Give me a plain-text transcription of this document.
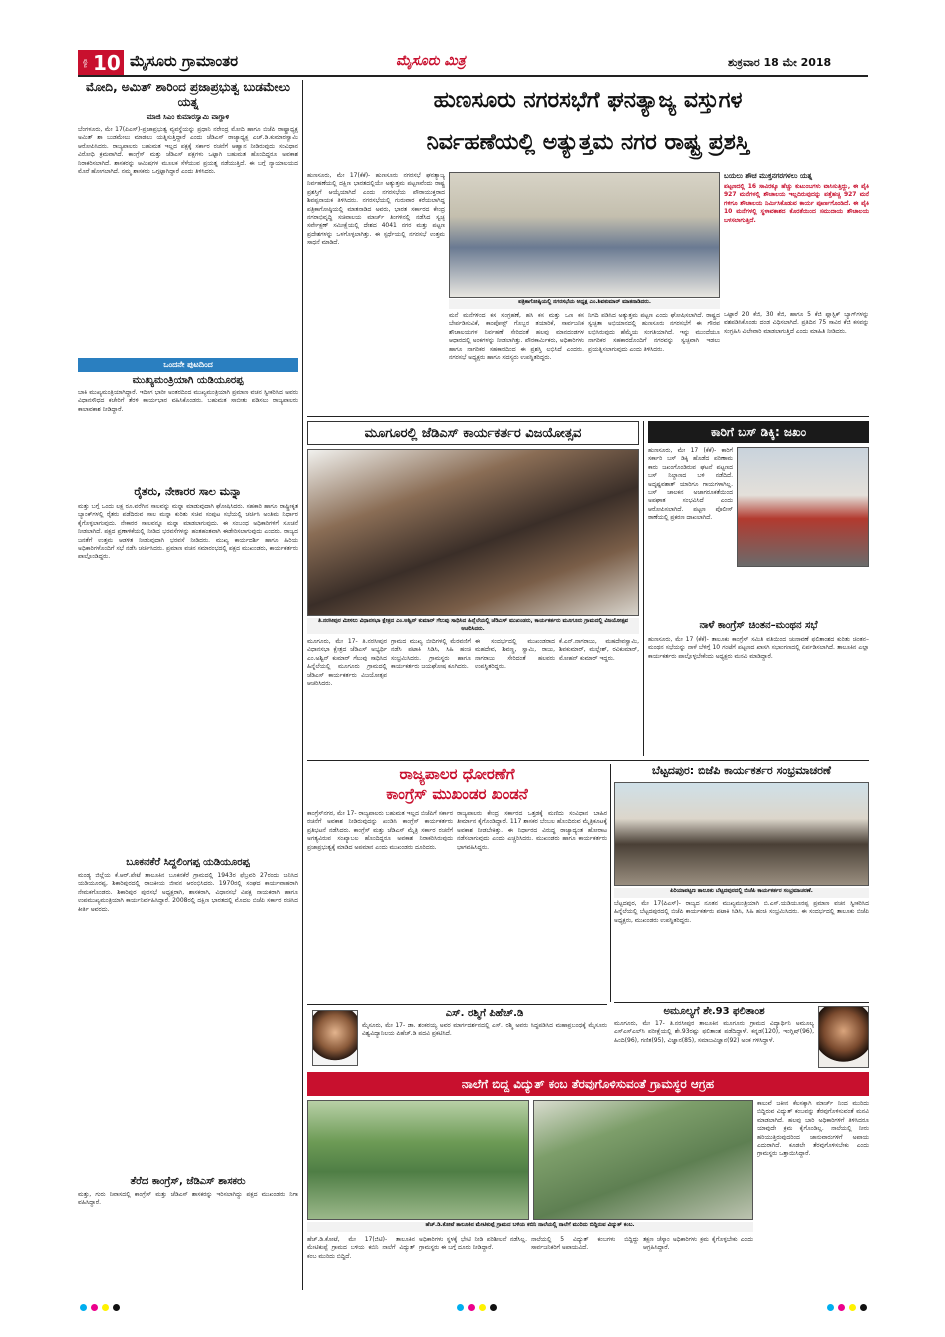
ಪುಟ 10 ಮೈಸೂರು ಗ್ರಾಮಾಂತರ	ಮೈಸೂರು ಮಿತ್ರ	ಶುಕ್ರವಾರ 18 ಮೇ 2018
ಮೋದಿ, ಅಮಿತ್ ಶಾರಿಂದ ಪ್ರಜಾಪ್ರಭುತ್ವ ಬುಡಮೇಲು ಯತ್ನ
ಮಾಜಿ ಸಿಎಂ ಕುಮಾರಸ್ವಾಮಿ ವಾಗ್ದಾಳಿ
ಬೆಂಗಳೂರು, ಮೇ 17(ಪಿಎಸ್)-ಪ್ರಜಾಪ್ರಭುತ್ವ ವ್ಯವಸ್ಥೆಯನ್ನು ಪ್ರಧಾನಿ ನರೇಂದ್ರ ಮೋದಿ ಹಾಗೂ ಬಿಜೆಪಿ ರಾಷ್ಟ್ರಾಧ್ಯಕ್ಷ ಅಮಿತ್ ಶಾ ಬುಡಮೇಲು ಮಾಡಲು ಯತ್ನಿಸುತ್ತಿದ್ದಾರೆ ಎಂದು ಜೆಡಿಎಸ್ ರಾಜ್ಯಾಧ್ಯಕ್ಷ ಎಚ್.ಡಿ.ಕುಮಾರಸ್ವಾಮಿ ಆರೋಪಿಸಿದರು. ರಾಜ್ಯಪಾಲರು ಬಹುಮತ ಇಲ್ಲದ ಪಕ್ಷಕ್ಕೆ ಸರ್ಕಾರ ರಚನೆಗೆ ಆಹ್ವಾನ ನೀಡಿರುವುದು ಸಂವಿಧಾನ ವಿರೋಧಿ ಕ್ರಮವಾಗಿದೆ. ಕಾಂಗ್ರೆಸ್ ಮತ್ತು ಜೆಡಿಎಸ್ ಪಕ್ಷಗಳು ಒಟ್ಟಾಗಿ ಬಹುಮತ ಹೊಂದಿದ್ದರೂ ಅವಕಾಶ ನಿರಾಕರಿಸಲಾಗಿದೆ. ಶಾಸಕರನ್ನು ಆಮಿಷಗಳ ಮೂಲಕ ಸೆಳೆಯುವ ಪ್ರಯತ್ನ ನಡೆಯುತ್ತಿದೆ. ಈ ಬಗ್ಗೆ ನ್ಯಾಯಾಲಯದ ಮೊರೆ ಹೋಗಲಾಗಿದೆ. ನಮ್ಮ ಶಾಸಕರು ಒಗ್ಗಟ್ಟಾಗಿದ್ದಾರೆ ಎಂದು ತಿಳಿಸಿದರು.
ಒಂದನೇ ಪುಟದಿಂದ
ಮುಖ್ಯಮಂತ್ರಿಯಾಗಿ ಯಡಿಯೂರಪ್ಪ
ಬಾಕಿ ಮುಖ್ಯಮಂತ್ರಿಯಾಗಿದ್ದಾರೆ. ಇದೀಗ ಭಾರೀ ಅಂತರದಿಂದ ಮುಖ್ಯಮಂತ್ರಿಯಾಗಿ ಪ್ರಮಾಣ ವಚನ ಸ್ವೀಕರಿಸಿದ ಅವರು ವಿಧಾನಸೌಧದ ಕಚೇರಿಗೆ ತೆರಳಿ ಕಾರ್ಯಭಾರ ವಹಿಸಿಕೊಂಡರು. ಬಹುಮತ ಸಾಬೀತು ಪಡಿಸಲು ರಾಜ್ಯಪಾಲರು ಕಾಲಾವಕಾಶ ನೀಡಿದ್ದಾರೆ.
ರೈತರು, ನೇಕಾರರ ಸಾಲ ಮನ್ನಾ
ಮತ್ತು ಬಗ್ಗೆ ಒಂದು ಲಕ್ಷ ರೂ.ವರೆಗಿನ ಸಾಲವನ್ನು ಮನ್ನಾ ಮಾಡುವುದಾಗಿ ಘೋಷಿಸಿದರು. ಸಹಕಾರಿ ಹಾಗೂ ರಾಷ್ಟ್ರೀಕೃತ ಬ್ಯಾಂಕ್‌ಗಳಲ್ಲಿ ರೈತರು ಪಡೆದಿರುವ ಸಾಲ ಮನ್ನಾ ಕುರಿತು ಸಚಿವ ಸಂಪುಟ ಸಭೆಯಲ್ಲಿ ಚರ್ಚಿಸಿ ಅಂತಿಮ ನಿರ್ಧಾರ ಕೈಗೊಳ್ಳಲಾಗುವುದು. ನೇಕಾರರ ಸಾಲವನ್ನೂ ಮನ್ನಾ ಮಾಡಲಾಗುವುದು. ಈ ಸಂಬಂಧ ಅಧಿಕಾರಿಗಳಿಗೆ ಸೂಚನೆ ನೀಡಲಾಗಿದೆ. ಪಕ್ಷದ ಪ್ರಣಾಳಿಕೆಯಲ್ಲಿ ನೀಡಿದ ಭರವಸೆಗಳನ್ನು ಹಂತಹಂತವಾಗಿ ಈಡೇರಿಸಲಾಗುವುದು ಎಂದರು. ರಾಜ್ಯದ ಜನತೆಗೆ ಉತ್ತಮ ಆಡಳಿತ ನೀಡುವುದಾಗಿ ಭರವಸೆ ನೀಡಿದರು. ಮುಖ್ಯ ಕಾರ್ಯದರ್ಶಿ ಹಾಗೂ ಹಿರಿಯ ಅಧಿಕಾರಿಗಳೊಂದಿಗೆ ಸಭೆ ನಡೆಸಿ ಚರ್ಚಿಸಿದರು. ಪ್ರಮಾಣ ವಚನ ಸಮಾರಂಭದಲ್ಲಿ ಪಕ್ಷದ ಮುಖಂಡರು, ಕಾರ್ಯಕರ್ತರು ಪಾಲ್ಗೊಂಡಿದ್ದರು.
ಬೂಕನಕೆರೆ ಸಿದ್ದಲಿಂಗಪ್ಪ ಯಡಿಯೂರಪ್ಪ
ಮಂಡ್ಯ ಜಿಲ್ಲೆಯ ಕೆ.ಆರ್.ಪೇಟೆ ತಾಲೂಕಿನ ಬೂಕನಕೆರೆ ಗ್ರಾಮದಲ್ಲಿ 1943ರ ಫೆಬ್ರವರಿ 27ರಂದು ಜನಿಸಿದ ಯಡಿಯೂರಪ್ಪ, ಶಿಕಾರಿಪುರದಲ್ಲಿ ರಾಜಕೀಯ ಜೀವನ ಆರಂಭಿಸಿದರು. 1970ರಲ್ಲಿ ಸಂಘದ ಕಾರ್ಯವಾಹರಾಗಿ ನೇಮಕಗೊಂಡರು. ಶಿಕಾರಿಪುರ ಪುರಸಭೆ ಅಧ್ಯಕ್ಷರಾಗಿ, ಶಾಸಕರಾಗಿ, ವಿಧಾನಸಭೆ ವಿಪಕ್ಷ ನಾಯಕರಾಗಿ ಹಾಗೂ ಉಪಮುಖ್ಯಮಂತ್ರಿಯಾಗಿ ಕಾರ್ಯನಿರ್ವಹಿಸಿದ್ದಾರೆ. 2008ರಲ್ಲಿ ದಕ್ಷಿಣ ಭಾರತದಲ್ಲಿ ಮೊದಲ ಬಿಜೆಪಿ ಸರ್ಕಾರ ರಚಿಸಿದ ಕೀರ್ತಿ ಅವರದು.
ತೆರೆದ ಕಾಂಗ್ರೆಸ್, ಜೆಡಿಎಸ್ ಶಾಸಕರು
ಮತ್ತು, ಗುರು ನಿವಾಸದಲ್ಲಿ ಕಾಂಗ್ರೆಸ್ ಮತ್ತು ಜೆಡಿಎಸ್ ಶಾಸಕರನ್ನು ಇರಿಸಲಾಗಿದ್ದು ಪಕ್ಷದ ಮುಖಂಡರು ನಿಗಾ ವಹಿಸಿದ್ದಾರೆ.
ಹುಣಸೂರು ನಗರಸಭೆಗೆ ಘನತ್ಯಾಜ್ಯ ವಸ್ತುಗಳ
ನಿರ್ವಹಣೆಯಲ್ಲಿ ಅತ್ಯುತ್ತಮ ನಗರ ರಾಷ್ಟ್ರ ಪ್ರಶಸ್ತಿ
ಹುಣಸೂರು, ಮೇ 17(ಕೆಕೆ)- ಹುಣಸೂರು ನಗರಸಭೆ ಘನತ್ಯಾಜ್ಯ ನಿರ್ವಹಣೆಯಲ್ಲಿ ದಕ್ಷಿಣ ಭಾರತದಲ್ಲಿಯೇ ಅತ್ಯುತ್ತಮ ಪಟ್ಟಣವೆಂದು ರಾಷ್ಟ್ರ ಪ್ರಶಸ್ತಿಗೆ ಆಯ್ಕೆಯಾಗಿದೆ ಎಂದು ನಗರಸಭೆಯ ಪೌರಾಯುಕ್ತರಾದ ಶಿವಪ್ಪನಾಯಕ ತಿಳಿಸಿದರು. ನಗರಸಭೆಯಲ್ಲಿ ಗುರುವಾರ ಕರೆಯಲಾಗಿದ್ದ ಪತ್ರಿಕಾಗೋಷ್ಠಿಯಲ್ಲಿ ಮಾತನಾಡಿದ ಅವರು, ಭಾರತ ಸರ್ಕಾರದ ಕೇಂದ್ರ ನಗರಾಭಿವೃದ್ಧಿ ಸಚಿವಾಲಯ ಮಾರ್ಚ್ ತಿಂಗಳಿನಲ್ಲಿ ನಡೆಸಿದ ಸ್ವಚ್ಛ ಸರ್ವೇಕ್ಷಣ್ ಸಮೀಕ್ಷೆಯಲ್ಲಿ ದೇಶದ 4041 ನಗರ ಮತ್ತು ಪಟ್ಟಣ ಪ್ರದೇಶಗಳನ್ನು ಒಳಗೊಳ್ಳಲಾಗಿತ್ತು. ಈ ಸ್ಪರ್ಧೆಯಲ್ಲಿ ನಗರಸಭೆ ಉತ್ತಮ ಸಾಧನೆ ಮಾಡಿದೆ.
ಪತ್ರಿಕಾಗೋಷ್ಠಿಯಲ್ಲಿ ನಗರಸಭೆಯ ಅಧ್ಯಕ್ಷ ಎಂ.ಶಿವಕುಮಾರ್ ಮಾತನಾಡಿದರು.
ಮನೆ ಮನೆಗಳಿಂದ ಕಸ ಸಂಗ್ರಹಣೆ, ಹಸಿ ಕಸ ಮತ್ತು ಒಣ ಕಸ ಬೇರ್ಪಡಿಸುವಿಕೆ, ಕಾಂಪೋಸ್ಟ್ ಗೊಬ್ಬರ ತಯಾರಿಕೆ, ಸಾರ್ವಜನಿಕ ಶೌಚಾಲಯಗಳ ನಿರ್ವಹಣೆ ಸೇರಿದಂತೆ ಹಲವು ಮಾನದಂಡಗಳ ಆಧಾರದಲ್ಲಿ ಅಂಕಗಳನ್ನು ನೀಡಲಾಗಿತ್ತು. ಪೌರಕಾರ್ಮಿಕರು, ಅಧಿಕಾರಿಗಳು ಹಾಗೂ ನಾಗರಿಕರ ಸಹಕಾರದಿಂದ ಈ ಪ್ರಶಸ್ತಿ ಲಭಿಸಿದೆ ಎಂದರು. ನಗರಸಭೆ ಅಧ್ಯಕ್ಷರು ಹಾಗೂ ಸದಸ್ಯರು ಉಪಸ್ಥಿತರಿದ್ದರು.
ನಿಗದಿ ಪಡಿಸಿದ ಅತ್ಯುತ್ತಮ ಪಟ್ಟಣ ಎಂದು ಘೋಷಿಸಲಾಗಿದೆ. ರಾಷ್ಟ್ರದ ಸ್ವಚ್ಛತಾ ಅಭಿಯಾನದಲ್ಲಿ ಹುಣಸೂರು ನಗರಸಭೆಗೆ ಈ ಗೌರವ ಲಭಿಸಿರುವುದು ಹೆಮ್ಮೆಯ ಸಂಗತಿಯಾಗಿದೆ. ಇನ್ನು ಮುಂದೆಯೂ ನಾಗರಿಕರ ಸಹಕಾರದೊಂದಿಗೆ ನಗರವನ್ನು ಸ್ವಚ್ಛವಾಗಿ ಇಡಲು ಪ್ರಯತ್ನಿಸಲಾಗುವುದು ಎಂದು ತಿಳಿಸಿದರು.
ಬಯಲು ಶೌಚ ಮುಕ್ತನಗರಗಳಲು ಯತ್ನ
ಪಟ್ಟಣದಲ್ಲಿ 16 ಸಾವಿರಕ್ಕೂ ಹೆಚ್ಚು ಕುಟುಂಬಗಳು ವಾಸಿಸುತ್ತಿದ್ದು, ಈ ಪೈಕಿ 927 ಮನೆಗಳಲ್ಲಿ ಶೌಚಾಲಯ ಇಲ್ಲದಿರುವುದನ್ನು ಪತ್ತೆಹಚ್ಚಿ 927 ಮನೆ ಗಳಿಗೂ ಶೌಚಾಲಯ ನಿರ್ಮಿಸಿಕೊಡುವ ಕಾರ್ಯ ಪೂರ್ಣಗೊಂಡಿದೆ. ಈ ಪೈಕಿ 10 ಮನೆಗಳಲ್ಲಿ ಸ್ಥಳಾವಕಾಶದ ಕೊರತೆಯಿಂದ ಸಮುದಾಯ ಶೌಚಾಲಯ ಬಳಸಲಾಗುತ್ತಿದೆ.
ಒಟ್ಟಾರೆ 20 ಕೆಜಿ, 30 ಕೆಜಿ, ಹಾಗೂ 5 ಕೆಜಿ ಪ್ಲಾಸ್ಟಿಕ್ ಬ್ಯಾಗ್‌ಗಳನ್ನು ವಶಪಡಿಸಿಕೊಂಡು ದಂಡ ವಿಧಿಸಲಾಗಿದೆ. ಪ್ರತಿದಿನ 75 ಸಾವಿರ ಕೆಜಿ ಕಸವನ್ನು ಸಂಗ್ರಹಿಸಿ ವಿಲೇವಾರಿ ಮಾಡಲಾಗುತ್ತಿದೆ ಎಂದು ಮಾಹಿತಿ ನೀಡಿದರು.
ಮೂಗೂರಲ್ಲಿ ಜೆಡಿಎಸ್ ಕಾರ್ಯಕರ್ತರ ವಿಜಯೋತ್ಸವ
ತಿ.ನರಸೀಪುರ ಮೀಸಲು ವಿಧಾನಸಭಾ ಕ್ಷೇತ್ರದ ಎಂ.ಅಶ್ವಿನ್ ಕುಮಾರ್ ಗೆಲುವು ಸಾಧಿಸಿದ ಹಿನ್ನೆಲೆಯಲ್ಲಿ ಜೆಡಿಎಸ್ ಮುಖಂಡರು, ಕಾರ್ಯಕರ್ತರು ಮೂಗೂರು ಗ್ರಾಮದಲ್ಲಿ ವಿಜಯೋತ್ಸವ ಆಚರಿಸಿದರು.
ಮೂಗೂರು, ಮೇ 17- ತಿ.ನರಸೀಪುರ ವಿಧಾನಸಭಾ ಕ್ಷೇತ್ರದ ಜೆಡಿಎಸ್ ಅಭ್ಯರ್ಥಿ ಎಂ.ಅಶ್ವಿನ್ ಕುಮಾರ್ ಗೆಲುವು ಸಾಧಿಸಿದ ಹಿನ್ನೆಲೆಯಲ್ಲಿ ಮೂಗೂರು ಗ್ರಾಮದಲ್ಲಿ ಜೆಡಿಎಸ್ ಕಾರ್ಯಕರ್ತರು ವಿಜಯೋತ್ಸವ ಆಚರಿಸಿದರು.
ಗ್ರಾಮದ ಮುಖ್ಯ ಬೀದಿಗಳಲ್ಲಿ ಮೆರವಣಿಗೆ ನಡೆಸಿ ಪಟಾಕಿ ಸಿಡಿಸಿ, ಸಿಹಿ ಹಂಚಿ ಸಂಭ್ರಮಿಸಿದರು. ಗ್ರಾಮಸ್ಥರು ಹಾಗೂ ಕಾರ್ಯಕರ್ತರು ಜಯಘೋಷ ಕೂಗಿದರು.
ಈ ಸಂದರ್ಭದಲ್ಲಿ ಮುಖಂಡರಾದ ಮಹದೇವ, ಶಿವಣ್ಣ, ಸ್ವಾಮಿ, ರಾಜು, ನಾಗರಾಜು ಸೇರಿದಂತೆ ಹಲವರು ಉಪಸ್ಥಿತರಿದ್ದರು.
ಕೆ.ಎನ್.ನಾಗರಾಜು, ಮಹದೇವಸ್ವಾಮಿ, ಶಿವಕುಮಾರ್, ಮಲ್ಲೇಶ್, ರವಿಕುಮಾರ್, ಮೋಹನ್ ಕುಮಾರ್ ಇದ್ದರು.
ಕಾರಿಗೆ ಬಸ್ ಡಿಕ್ಕಿ: ಜಖಂ
ಹುಣಸೂರು, ಮೇ 17 (ಕೆಕೆ)- ಕಾರಿಗೆ ಸರ್ಕಾರಿ ಬಸ್ ಡಿಕ್ಕಿ ಹೊಡೆದ ಪರಿಣಾಮ ಕಾರು ಜಖಂಗೊಂಡಿರುವ ಘಟನೆ ಪಟ್ಟಣದ ಬಸ್ ನಿಲ್ದಾಣದ ಬಳಿ ನಡೆದಿದೆ. ಅದೃಷ್ಟವಶಾತ್ ಯಾರಿಗೂ ಗಾಯಗಳಾಗಿಲ್ಲ. ಬಸ್ ಚಾಲಕನ ಅಜಾಗರೂಕತೆಯಿಂದ ಅಪಘಾತ ಸಂಭವಿಸಿದೆ ಎಂದು ಆರೋಪಿಸಲಾಗಿದೆ. ಪಟ್ಟಣ ಪೊಲೀಸ್ ಠಾಣೆಯಲ್ಲಿ ಪ್ರಕರಣ ದಾಖಲಾಗಿದೆ.
ನಾಳೆ ಕಾಂಗ್ರೆಸ್ ಚಿಂತನ–ಮಂಥನ ಸಭೆ
ಹುಣಸೂರು, ಮೇ 17 (ಕೆಕೆ)- ತಾಲೂಕು ಕಾಂಗ್ರೆಸ್ ಸಮಿತಿ ವತಿಯಿಂದ ಚುನಾವಣೆ ಫಲಿತಾಂಶದ ಕುರಿತು ಚಿಂತನ–ಮಂಥನ ಸಭೆಯನ್ನು ನಾಳೆ ಬೆಳಿಗ್ಗೆ 10 ಗಂಟೆಗೆ ಪಟ್ಟಣದ ಖಾಸಗಿ ಸಭಾಂಗಣದಲ್ಲಿ ಏರ್ಪಡಿಸಲಾಗಿದೆ. ತಾಲೂಕಿನ ಎಲ್ಲಾ ಕಾರ್ಯಕರ್ತರು ಪಾಲ್ಗೊಳ್ಳಬೇಕೆಂದು ಅಧ್ಯಕ್ಷರು ಮನವಿ ಮಾಡಿದ್ದಾರೆ.
ರಾಜ್ಯಪಾಲರ ಧೋರಣೆಗೆ
ಕಾಂಗ್ರೆಸ್ ಮುಖಂಡರ ಖಂಡನೆ
ಕಾಂಗ್ರೆಸ್‌ನಗರ, ಮೇ 17- ರಾಜ್ಯಪಾಲರು ಬಹುಮತ ಇಲ್ಲದ ಬಿಜೆಪಿಗೆ ಸರ್ಕಾರ ರಚನೆಗೆ ಅವಕಾಶ ನೀಡಿರುವುದನ್ನು ಖಂಡಿಸಿ ಕಾಂಗ್ರೆಸ್ ಕಾರ್ಯಕರ್ತರು ಪ್ರತಿಭಟನೆ ನಡೆಸಿದರು. ಕಾಂಗ್ರೆಸ್ ಮತ್ತು ಜೆಡಿಎಸ್ ಮೈತ್ರಿ ಸರ್ಕಾರ ರಚನೆಗೆ ಅಗತ್ಯವಿರುವ ಸಂಖ್ಯಾಬಲ ಹೊಂದಿದ್ದರೂ ಅವಕಾಶ ನಿರಾಕರಿಸಿರುವುದು ಪ್ರಜಾಪ್ರಭುತ್ವಕ್ಕೆ ಮಾಡಿದ ಅಪಮಾನ ಎಂದು ಮುಖಂಡರು ದೂರಿದರು.
ರಾಜ್ಯಪಾಲರು ಕೇಂದ್ರ ಸರ್ಕಾರದ ಒತ್ತಡಕ್ಕೆ ಮಣಿದು ಸಂವಿಧಾನ ಬಾಹಿರ ತೀರ್ಮಾನ ಕೈಗೊಂಡಿದ್ದಾರೆ. 117 ಶಾಸಕರ ಬೆಂಬಲ ಹೊಂದಿರುವ ಮೈತ್ರಿಕೂಟಕ್ಕೆ ಅವಕಾಶ ನೀಡಬೇಕಿತ್ತು. ಈ ನಿರ್ಧಾರದ ವಿರುದ್ಧ ರಾಜ್ಯಾದ್ಯಂತ ಹೋರಾಟ ನಡೆಸಲಾಗುವುದು ಎಂದು ಎಚ್ಚರಿಸಿದರು. ಮುಖಂಡರು ಹಾಗೂ ಕಾರ್ಯಕರ್ತರು ಭಾಗವಹಿಸಿದ್ದರು.
ಬೆಟ್ಟದಪುರ: ಬಿಜೆಪಿ ಕಾರ್ಯಕರ್ತರ ಸಂಭ್ರಮಾಚರಣೆ
ಪಿರಿಯಾಪಟ್ಟಣ ತಾಲೂಕು ಬೆಟ್ಟದಪುರದಲ್ಲಿ ಬಿಜೆಪಿ ಕಾರ್ಯಕರ್ತರ ಸಂಭ್ರಮಾಚರಣೆ.
ಬೆಟ್ಟದಪುರ, ಮೇ 17(ಪಿಎಸ್)- ರಾಜ್ಯದ ನೂತನ ಮುಖ್ಯಮಂತ್ರಿಯಾಗಿ ಬಿ.ಎಸ್.ಯಡಿಯೂರಪ್ಪ ಪ್ರಮಾಣ ವಚನ ಸ್ವೀಕರಿಸಿದ ಹಿನ್ನೆಲೆಯಲ್ಲಿ ಬೆಟ್ಟದಪುರದಲ್ಲಿ ಬಿಜೆಪಿ ಕಾರ್ಯಕರ್ತರು ಪಟಾಕಿ ಸಿಡಿಸಿ, ಸಿಹಿ ಹಂಚಿ ಸಂಭ್ರಮಿಸಿದರು. ಈ ಸಂದರ್ಭದಲ್ಲಿ ತಾಲೂಕು ಬಿಜೆಪಿ ಅಧ್ಯಕ್ಷರು, ಮುಖಂಡರು ಉಪಸ್ಥಿತರಿದ್ದರು.
ಎಸ್. ರಶ್ಮಿಗೆ ಪಿಹೆಚ್.ಡಿ
ಮೈಸೂರು, ಮೇ 17- ಡಾ. ಶಂಕರಯ್ಯ ಅವರ ಮಾರ್ಗದರ್ಶನದಲ್ಲಿ ಎಸ್. ರಶ್ಮಿ ಅವರು ಸಿದ್ಧಪಡಿಸಿದ ಮಹಾಪ್ರಬಂಧಕ್ಕೆ ಮೈಸೂರು ವಿಶ್ವವಿದ್ಯಾನಿಲಯ ಪಿಹೆಚ್.ಡಿ ಪದವಿ ಪ್ರಕಟಿಸಿದೆ.
ಅಮೂಲ್ಯಗೆ ಶೇ.93 ಫಲಿತಾಂಶ
ಮೂಗೂರು, ಮೇ 17- ತಿ.ನರಸೀಪುರ ತಾಲೂಕಿನ ಮೂಗೂರು ಗ್ರಾಮದ ವಿದ್ಯಾರ್ಥಿನಿ ಅಮೂಲ್ಯ ಎಸ್ಎಸ್ಎಲ್‌ಸಿ ಪರೀಕ್ಷೆಯಲ್ಲಿ ಶೇ.93ರಷ್ಟು ಫಲಿತಾಂಶ ಪಡೆದಿದ್ದಾಳೆ. ಕನ್ನಡ(120), ಇಂಗ್ಲಿಷ್(96), ಹಿಂದಿ(96), ಗಣಿತ(95), ವಿಜ್ಞಾನ(85), ಸಮಾಜವಿಜ್ಞಾನ(92) ಅಂಕ ಗಳಿಸಿದ್ದಾಳೆ.
ನಾಲೆಗೆ ಬಿದ್ದ ವಿದ್ಯುತ್ ಕಂಬ ತೆರವುಗೊಳಿಸುವಂತೆ ಗ್ರಾಮಸ್ಥರ ಆಗ್ರಹ
ಹೆಚ್.ಡಿ.ಕೋಟೆ ತಾಲೂಕಿನ ಮೇಟಿಕುಪ್ಪೆ ಗ್ರಾಮದ ಬಳಿಯ ಕಬಿನಿ ನಾಲೆಯಲ್ಲಿ ನಾಲೆಗೆ ಮುರಿದು ಬಿದ್ದಿರುವ ವಿದ್ಯುತ್ ಕಂಬ.
ಹೆಚ್.ಡಿ.ಕೋಟೆ, ಮೇ 17(ಜಿಟಿ)- ತಾಲೂಕಿನ ಮೇಟಿಕುಪ್ಪೆ ಗ್ರಾಮದ ಬಳಿಯ ಕಬಿನಿ ನಾಲೆಗೆ ವಿದ್ಯುತ್ ಕಂಬ ಮುರಿದು ಬಿದ್ದಿದೆ.
ಅಧಿಕಾರಿಗಳು ಸ್ಥಳಕ್ಕೆ ಭೇಟಿ ನೀಡಿ ಪರಿಶೀಲನೆ ನಡೆಸಿಲ್ಲ. ಗ್ರಾಮಸ್ಥರು ಈ ಬಗ್ಗೆ ದೂರು ನೀಡಿದ್ದಾರೆ.
ನಾಲೆಯಲ್ಲಿ 5 ವಿದ್ಯುತ್ ಕಂಬಗಳು ಬಿದ್ದಿದ್ದು ಸಾರ್ವಜನಿಕರಿಗೆ ಅಪಾಯವಿದೆ.
ತಕ್ಷಣ ಚೆಸ್ಕಾಂ ಅಧಿಕಾರಿಗಳು ಕ್ರಮ ಕೈಗೊಳ್ಳಬೇಕು ಎಂದು ಆಗ್ರಹಿಸಿದ್ದಾರೆ.
ಕಾಲುವೆ ಜಕೀನ ಕೆಲಸಕ್ಕಾಗಿ ಮಾರ್ಚ್ ನಿಂದ ಮುರಿದು ಬಿದ್ದಿರುವ ವಿದ್ಯುತ್ ಕಂಬವನ್ನು ತೆರವುಗೊಳಿಸುವಂತೆ ಮನವಿ ಮಾಡಲಾಗಿದೆ. ಹಲವು ಬಾರಿ ಅಧಿಕಾರಿಗಳಿಗೆ ತಿಳಿಸಿದರೂ ಯಾವುದೇ ಕ್ರಮ ಕೈಗೊಂಡಿಲ್ಲ. ನಾಲೆಯಲ್ಲಿ ನೀರು ಹರಿಯುತ್ತಿರುವುದರಿಂದ ಜಾನುವಾರುಗಳಿಗೆ ಅಪಾಯ ಎದುರಾಗಿದೆ. ಕೂಡಲೇ ತೆರವುಗೊಳಿಸಬೇಕು ಎಂದು ಗ್ರಾಮಸ್ಥರು ಒತ್ತಾಯಿಸಿದ್ದಾರೆ.
